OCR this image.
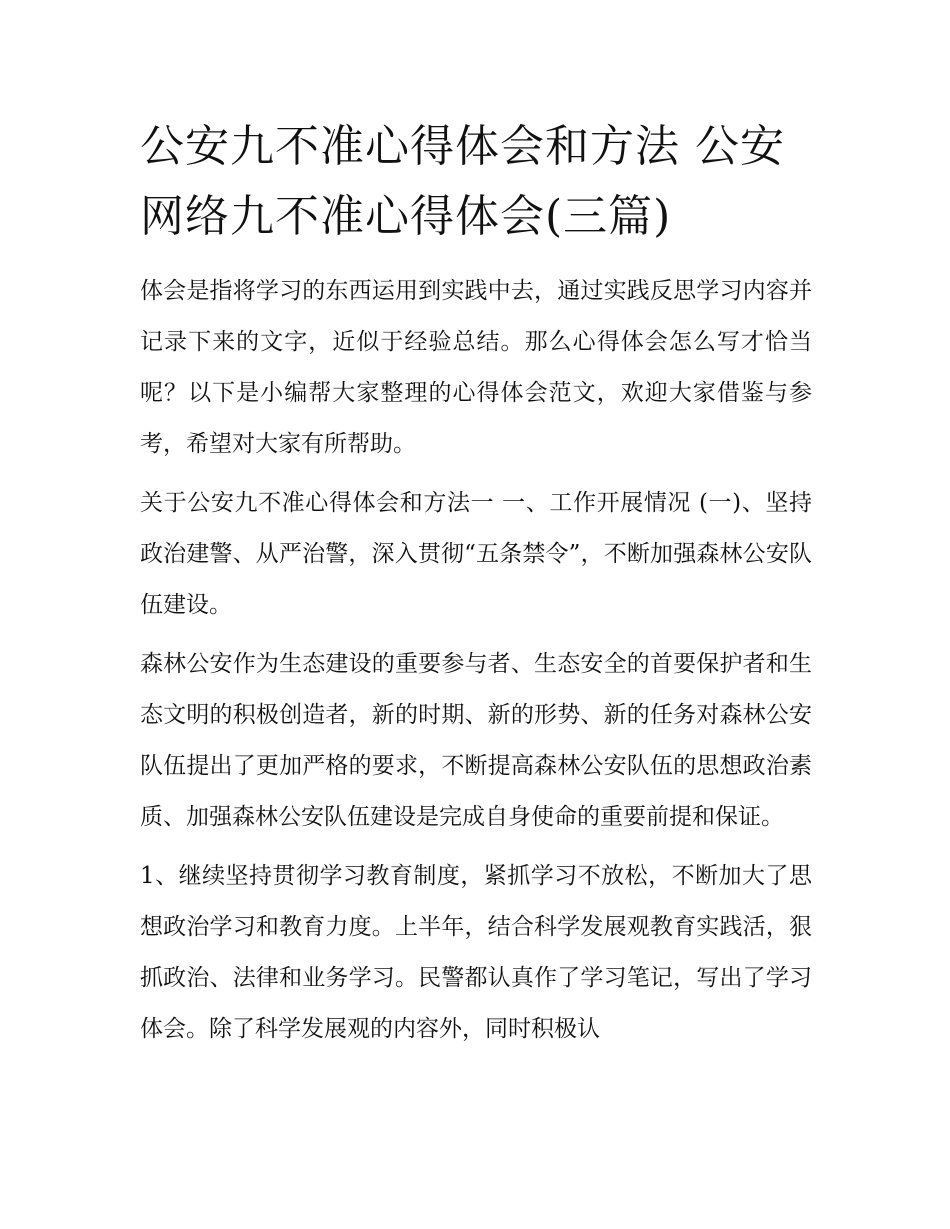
公安九不准心得体会和方法 公安网络九不准心得体会(三篇)

体会是指将学习的东西运用到实践中去，通过实践反思学习内容并记录下来的文字，近似于经验总结。那么心得体会怎么写才恰当呢？以下是小编帮大家整理的心得体会范文，欢迎大家借鉴与参考，希望对大家有所帮助。

关于公安九不准心得体会和方法一 一、工作开展情况 (一)、坚持政治建警、从严治警，深入贯彻“五条禁令”，不断加强森林公安队伍建设。

森林公安作为生态建设的重要参与者、生态安全的首要保护者和生态文明的积极创造者，新的时期、新的形势、新的任务对森林公安队伍提出了更加严格的要求，不断提高森林公安队伍的思想政治素质、加强森林公安队伍建设是完成自身使命的重要前提和保证。

1、继续坚持贯彻学习教育制度，紧抓学习不放松，不断加大了思想政治学习和教育力度。上半年，结合科学发展观教育实践活，狠抓政治、法律和业务学习。民警都认真作了学习笔记，写出了学习体会。除了科学发展观的内容外，同时积极认
